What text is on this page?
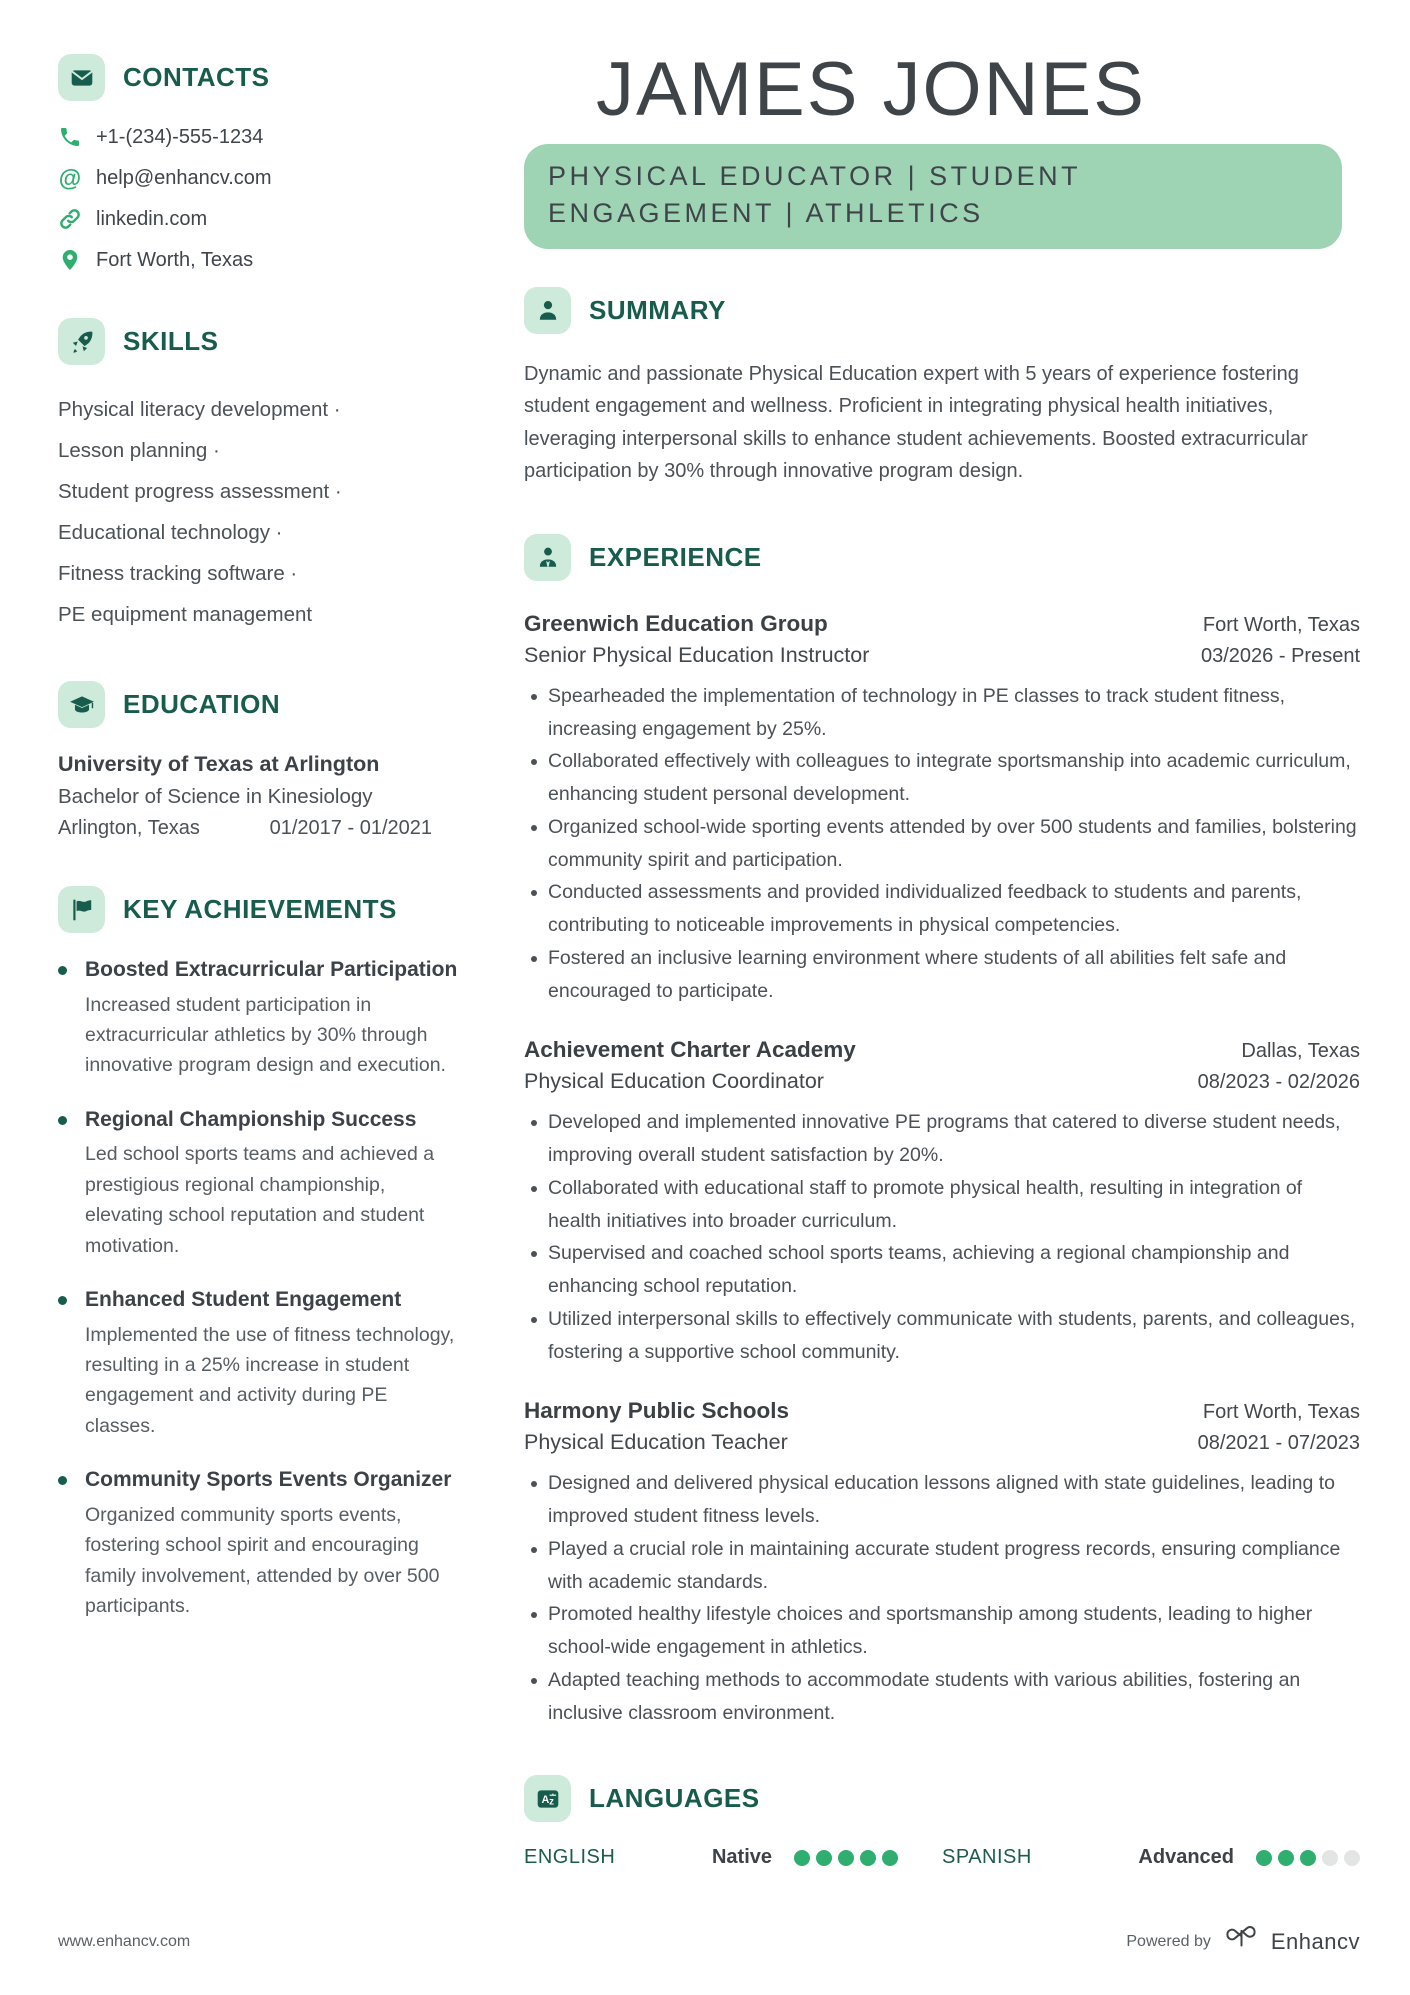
CONTACTS
+1-(234)-555-1234
@ help@enhancv.com
linkedin.com
Fort Worth, Texas
SKILLS
Physical literacy development ·
Lesson planning ·
Student progress assessment ·
Educational technology ·
Fitness tracking software ·
PE equipment management
EDUCATION
University of Texas at Arlington
Bachelor of Science in Kinesiology
Arlington, Texas	01/2017 - 01/2021
KEY ACHIEVEMENTS
Boosted Extracurricular Participation
Increased student participation in extracurricular athletics by 30% through innovative program design and execution.
Regional Championship Success
Led school sports teams and achieved a prestigious regional championship, elevating school reputation and student motivation.
Enhanced Student Engagement
Implemented the use of fitness technology, resulting in a 25% increase in student engagement and activity during PE classes.
Community Sports Events Organizer
Organized community sports events, fostering school spirit and encouraging family involvement, attended by over 500 participants.
JAMES JONES
PHYSICAL EDUCATOR | STUDENT ENGAGEMENT | ATHLETICS
SUMMARY

Dynamic and passionate Physical Education expert with 5 years of experience fostering student engagement and wellness. Proficient in integrating physical health initiatives, leveraging interpersonal skills to enhance student achievements. Boosted extracurricular participation by 30% through innovative program design.

EXPERIENCE
Greenwich Education Group	Fort Worth, Texas
Senior Physical Education Instructor	03/2026 - Present
Spearheaded the implementation of technology in PE classes to track student fitness, increasing engagement by 25%.
Collaborated effectively with colleagues to integrate sportsmanship into academic curriculum, enhancing student personal development.
Organized school-wide sporting events attended by over 500 students and families, bolstering community spirit and participation.
Conducted assessments and provided individualized feedback to students and parents, contributing to noticeable improvements in physical competencies.
Fostered an inclusive learning environment where students of all abilities felt safe and encouraged to participate.
Achievement Charter Academy	Dallas, Texas
Physical Education Coordinator	08/2023 - 02/2026
Developed and implemented innovative PE programs that catered to diverse student needs, improving overall student satisfaction by 20%.
Collaborated with educational staff to promote physical health, resulting in integration of health initiatives into broader curriculum.
Supervised and coached school sports teams, achieving a regional championship and enhancing school reputation.
Utilized interpersonal skills to effectively communicate with students, parents, and colleagues, fostering a supportive school community.
Harmony Public Schools	Fort Worth, Texas
Physical Education Teacher	08/2021 - 07/2023
Designed and delivered physical education lessons aligned with state guidelines, leading to improved student fitness levels.
Played a crucial role in maintaining accurate student progress records, ensuring compliance with academic standards.
Promoted healthy lifestyle choices and sportsmanship among students, leading to higher school-wide engagement in athletics.
Adapted teaching methods to accommodate students with various abilities, fostering an inclusive classroom environment.
A z LANGUAGES
ENGLISH	Native	SPANISH	Advanced
www.enhancv.com	Powered by	Enhancv
